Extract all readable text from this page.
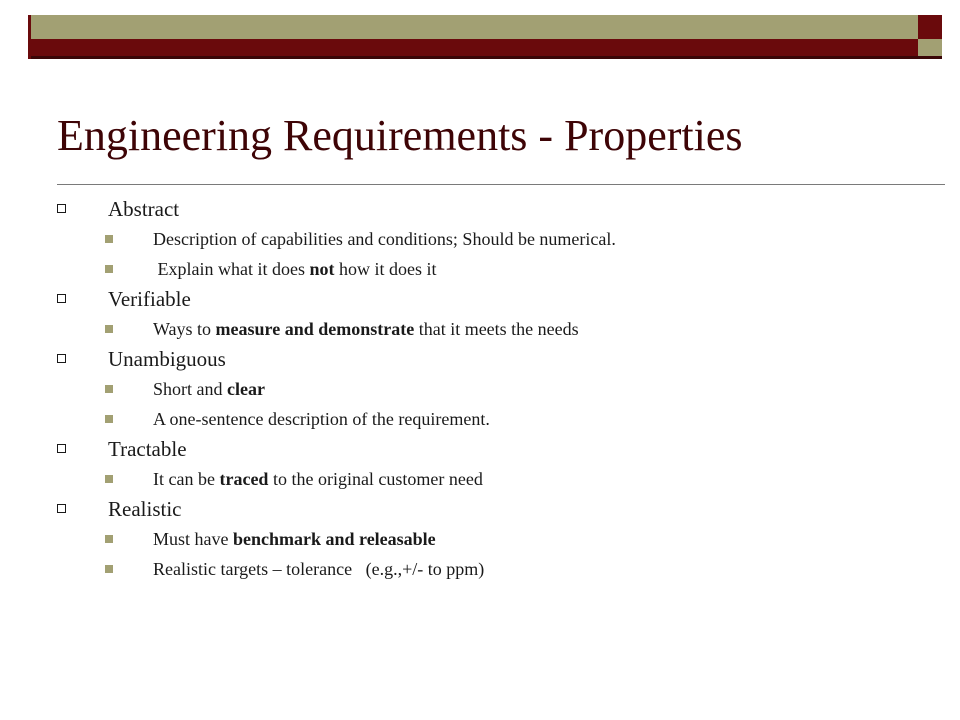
Engineering Requirements - Properties
Abstract
Description of capabilities and conditions; Should be numerical.
Explain what it does not how it does it
Verifiable
Ways to measure and demonstrate that it meets the needs
Unambiguous
Short and clear
A one-sentence description of the requirement.
Tractable
It can be traced to the original customer need
Realistic
Must have benchmark and releasable
Realistic targets – tolerance   (e.g.,+/- to ppm)
